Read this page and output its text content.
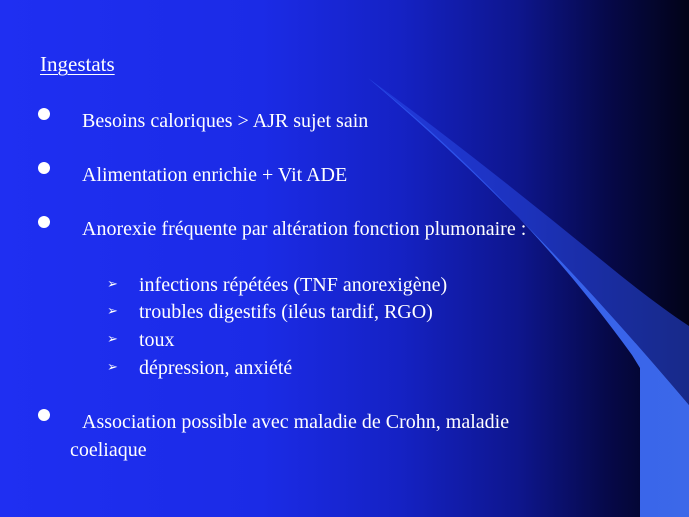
Ingestats
Besoins caloriques > AJR sujet sain
Alimentation enrichie + Vit ADE
Anorexie fréquente par altération fonction plumonaire :
➢ infections répétées (TNF anorexigène)
➢ troubles digestifs (iléus tardif, RGO)
➢ toux
➢ dépression, anxiété
Association possible avec maladie de Crohn, maladie
coeliaque
